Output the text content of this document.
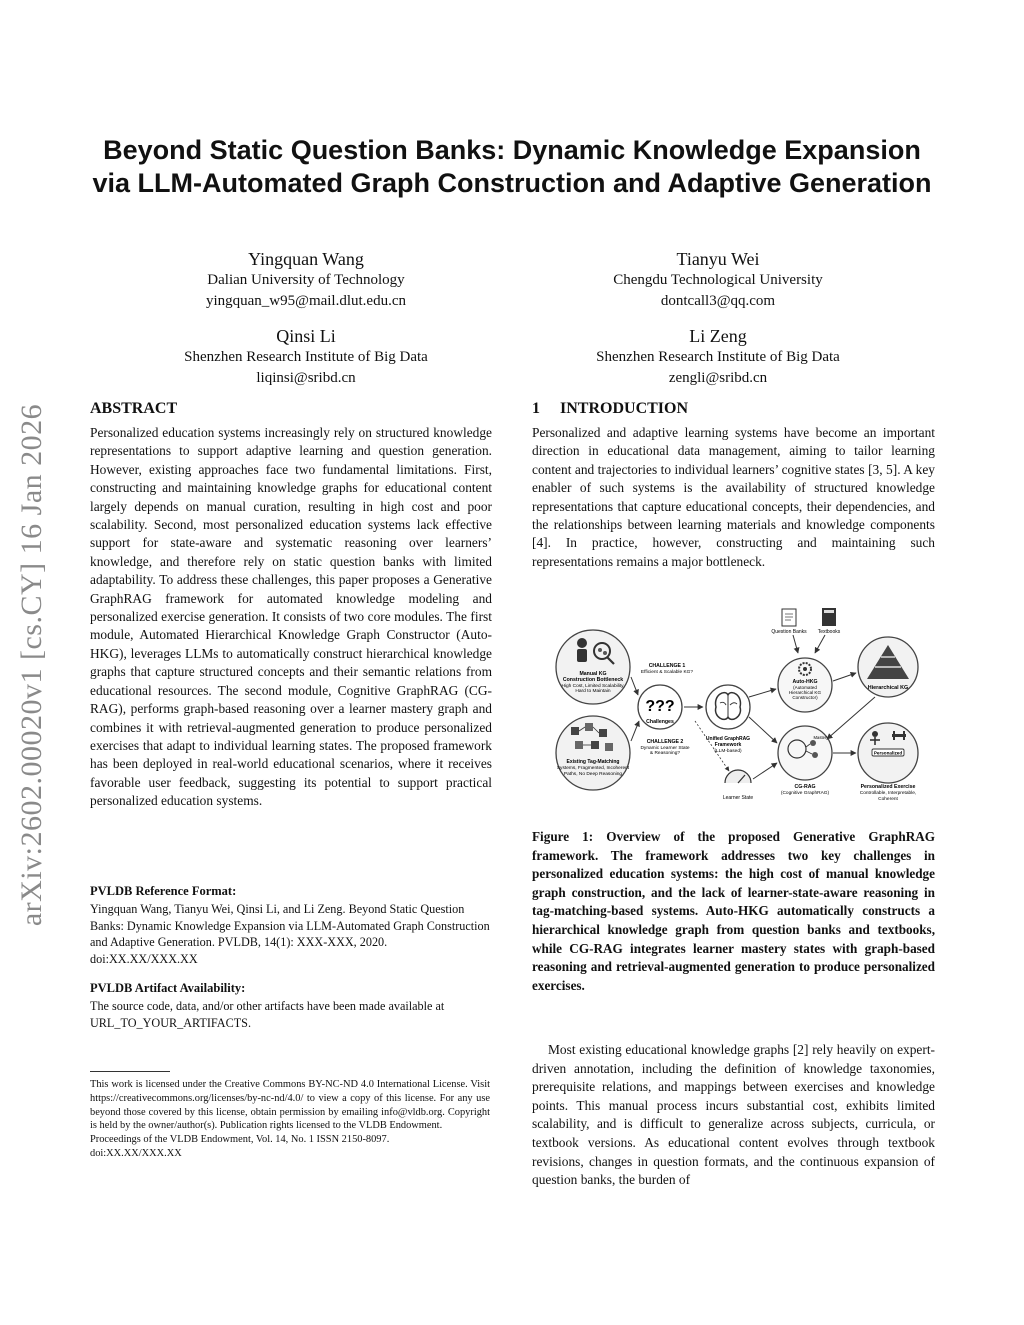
arXiv:2602.00020v1 [cs.CY] 16 Jan 2026
Beyond Static Question Banks: Dynamic Knowledge Expansion via LLM-Automated Graph Construction and Adaptive Generation
Yingquan Wang
Dalian University of Technology
yingquan_w95@mail.dlut.edu.cn
Tianyu Wei
Chengdu Technological University
dontcall3@qq.com
Qinsi Li
Shenzhen Research Institute of Big Data
liqinsi@sribd.cn
Li Zeng
Shenzhen Research Institute of Big Data
zengli@sribd.cn
ABSTRACT

Personalized education systems increasingly rely on structured knowledge representations to support adaptive learning and question generation. However, existing approaches face two fundamental limitations. First, constructing and maintaining knowledge graphs for educational content largely depends on manual curation, resulting in high cost and poor scalability. Second, most personalized education systems lack effective support for state-aware and systematic reasoning over learners’ knowledge, and therefore rely on static question banks with limited adaptability. To address these challenges, this paper proposes a Generative GraphRAG framework for automated knowledge modeling and personalized exercise generation. It consists of two core modules. The first module, Automated Hierarchical Knowledge Graph Constructor (Auto-HKG), leverages LLMs to automatically construct hierarchical knowledge graphs that capture structured concepts and their semantic relations from educational resources. The second module, Cognitive GraphRAG (CG-RAG), performs graph-based reasoning over a learner mastery graph and combines it with retrieval-augmented generation to produce personalized exercises that adapt to individual learning states. The proposed framework has been deployed in real-world educational scenarios, where it receives favorable user feedback, suggesting its potential to support practical personalized education systems.

PVLDB Reference Format:
Yingquan Wang, Tianyu Wei, Qinsi Li, and Li Zeng. Beyond Static Question Banks: Dynamic Knowledge Expansion via LLM-Automated Graph Construction and Adaptive Generation. PVLDB, 14(1): XXX-XXX, 2020. doi:XX.XX/XXX.XX
PVLDB Artifact Availability:
The source code, data, and/or other artifacts have been made available at URL_TO_YOUR_ARTIFACTS.
This work is licensed under the Creative Commons BY-NC-ND 4.0 International License. Visit https://creativecommons.org/licenses/by-nc-nd/4.0/ to view a copy of this license. For any use beyond those covered by this license, obtain permission by emailing info@vldb.org. Copyright is held by the owner/author(s). Publication rights licensed to the VLDB Endowment.
Proceedings of the VLDB Endowment, Vol. 14, No. 1 ISSN 2150-8097.
doi:XX.XX/XXX.XX
1 INTRODUCTION

Personalized and adaptive learning systems have become an important direction in educational data management, aiming to tailor learning content and trajectories to individual learners’ cognitive states [3, 5]. A key enabler of such systems is the availability of structured knowledge representations that capture educational concepts, their dependencies, and the relationships between learning materials and knowledge components [4]. In practice, however, constructing and maintaining such representations remains a major bottleneck.

Question Banks Textbooks
Manual KG
Construction Bottleneck
High Cost, Limited Scalability,
Hard to Maintain
Existing Tag-Matching
Systems, Fragmented, Incoherent
Paths, No Deep Reasoning
CHALLENGE 1
Efficient & Scalable KG?
???
Challenges
CHALLENGE 2
Dynamic Learner State
& Reasoning?
Unified GraphRAG
Framework
(LLM-based)
Auto-HKG
(Automated
Hierarchical KG
Constructor)
Mastery
CG-RAG
(Cognitive GraphRAG)
Learner State
Hierarchical KG
Personalized
Personalized Exercise
Controllable, Interpretable,
Coherent
Figure 1: Overview of the proposed Generative GraphRAG framework. The framework addresses two key challenges in personalized education systems: the high cost of manual knowledge graph construction, and the lack of learner-state-aware reasoning in tag-matching-based systems. Auto-HKG automatically constructs a hierarchical knowledge graph from question banks and textbooks, while CG-RAG integrates learner mastery states with graph-based reasoning and retrieval-augmented generation to produce personalized exercises.

Most existing educational knowledge graphs [2] rely heavily on expert-driven annotation, including the definition of knowledge taxonomies, prerequisite relations, and mappings between exercises and knowledge points. This manual process incurs substantial cost, exhibits limited scalability, and is difficult to generalize across subjects, curricula, or textbook versions. As educational content evolves through textbook revisions, changes in question formats, and the continuous expansion of question banks, the burden of
